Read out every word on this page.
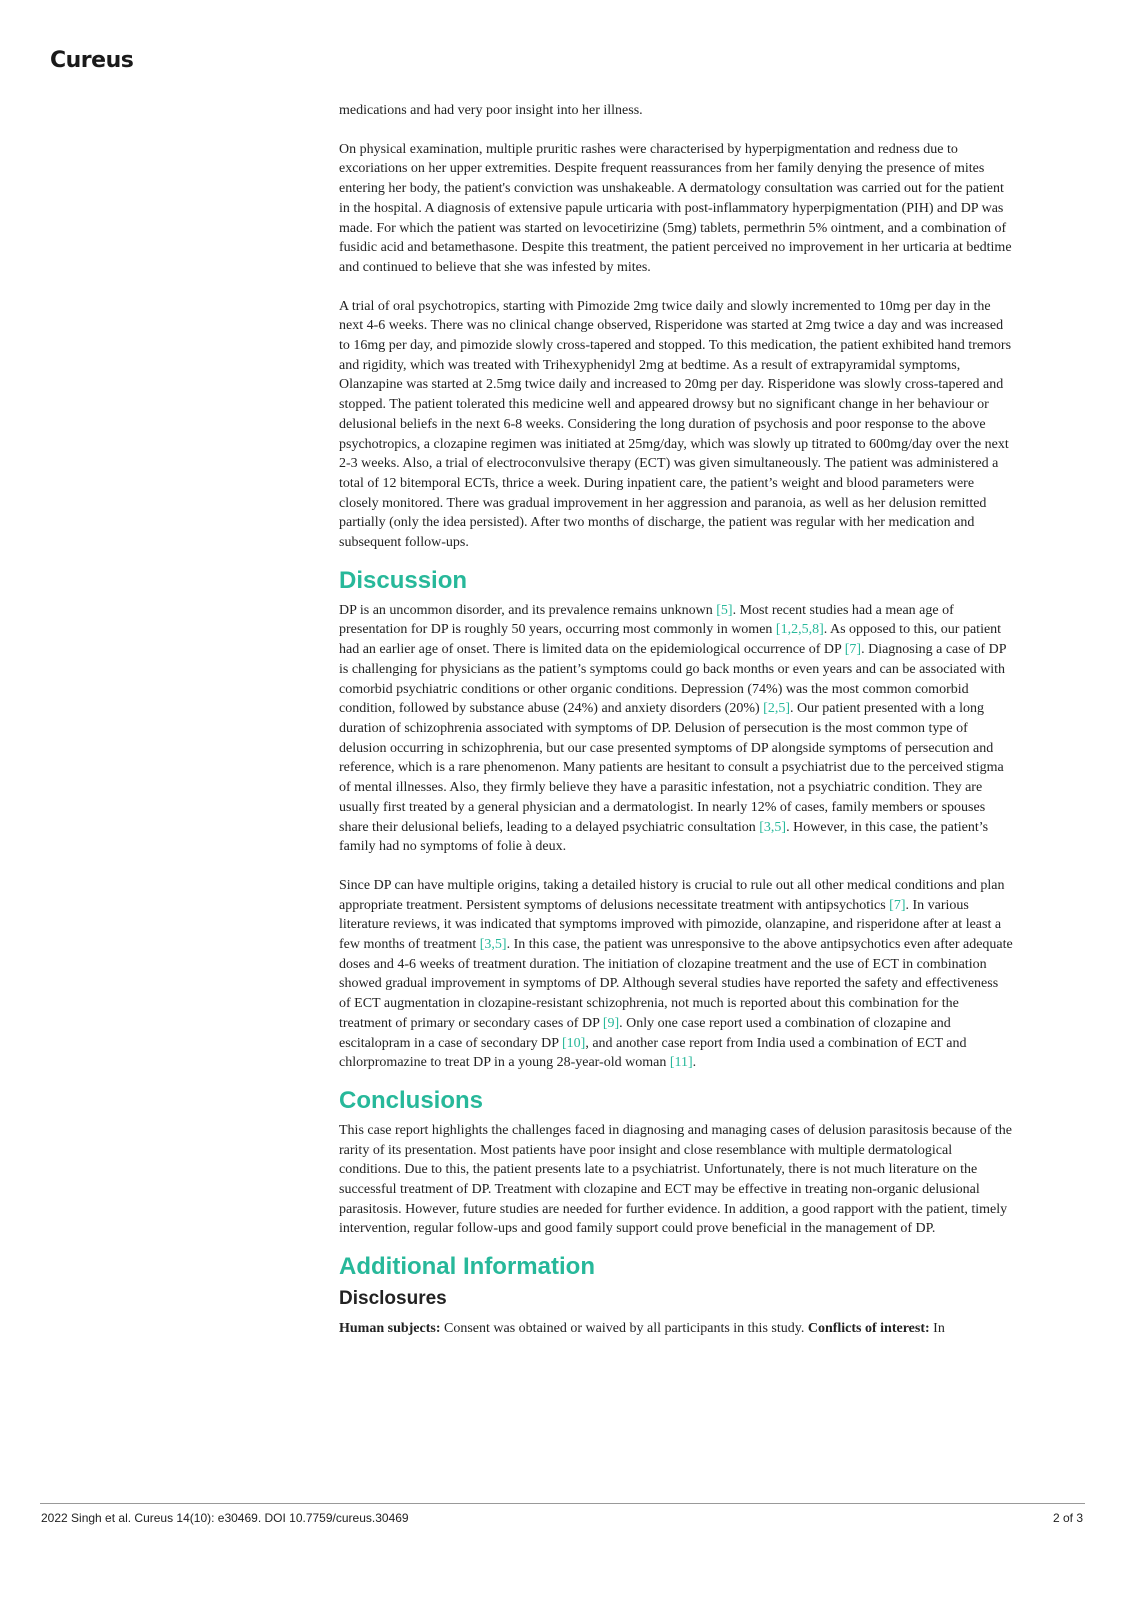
Cureus

medications and had very poor insight into her illness.

On physical examination, multiple pruritic rashes were characterised by hyperpigmentation and redness due to excoriations on her upper extremities. Despite frequent reassurances from her family denying the presence of mites entering her body, the patient's conviction was unshakeable. A dermatology consultation was carried out for the patient in the hospital. A diagnosis of extensive papule urticaria with post-inflammatory hyperpigmentation (PIH) and DP was made. For which the patient was started on levocetirizine (5mg) tablets, permethrin 5% ointment, and a combination of fusidic acid and betamethasone. Despite this treatment, the patient perceived no improvement in her urticaria at bedtime and continued to believe that she was infested by mites.

A trial of oral psychotropics, starting with Pimozide 2mg twice daily and slowly incremented to 10mg per day in the next 4-6 weeks. There was no clinical change observed, Risperidone was started at 2mg twice a day and was increased to 16mg per day, and pimozide slowly cross-tapered and stopped. To this medication, the patient exhibited hand tremors and rigidity, which was treated with Trihexyphenidyl 2mg at bedtime. As a result of extrapyramidal symptoms, Olanzapine was started at 2.5mg twice daily and increased to 20mg per day. Risperidone was slowly cross-tapered and stopped. The patient tolerated this medicine well and appeared drowsy but no significant change in her behaviour or delusional beliefs in the next 6-8 weeks. Considering the long duration of psychosis and poor response to the above psychotropics, a clozapine regimen was initiated at 25mg/day, which was slowly up titrated to 600mg/day over the next 2-3 weeks. Also, a trial of electroconvulsive therapy (ECT) was given simultaneously. The patient was administered a total of 12 bitemporal ECTs, thrice a week. During inpatient care, the patient’s weight and blood parameters were closely monitored. There was gradual improvement in her aggression and paranoia, as well as her delusion remitted partially (only the idea persisted). After two months of discharge, the patient was regular with her medication and subsequent follow-ups.

Discussion

DP is an uncommon disorder, and its prevalence remains unknown [5]. Most recent studies had a mean age of presentation for DP is roughly 50 years, occurring most commonly in women [1,2,5,8]. As opposed to this, our patient had an earlier age of onset. There is limited data on the epidemiological occurrence of DP [7]. Diagnosing a case of DP is challenging for physicians as the patient’s symptoms could go back months or even years and can be associated with comorbid psychiatric conditions or other organic conditions. Depression (74%) was the most common comorbid condition, followed by substance abuse (24%) and anxiety disorders (20%) [2,5]. Our patient presented with a long duration of schizophrenia associated with symptoms of DP. Delusion of persecution is the most common type of delusion occurring in schizophrenia, but our case presented symptoms of DP alongside symptoms of persecution and reference, which is a rare phenomenon. Many patients are hesitant to consult a psychiatrist due to the perceived stigma of mental illnesses. Also, they firmly believe they have a parasitic infestation, not a psychiatric condition. They are usually first treated by a general physician and a dermatologist. In nearly 12% of cases, family members or spouses share their delusional beliefs, leading to a delayed psychiatric consultation [3,5]. However, in this case, the patient’s family had no symptoms of folie à deux.

Since DP can have multiple origins, taking a detailed history is crucial to rule out all other medical conditions and plan appropriate treatment. Persistent symptoms of delusions necessitate treatment with antipsychotics [7]. In various literature reviews, it was indicated that symptoms improved with pimozide, olanzapine, and risperidone after at least a few months of treatment [3,5]. In this case, the patient was unresponsive to the above antipsychotics even after adequate doses and 4-6 weeks of treatment duration. The initiation of clozapine treatment and the use of ECT in combination showed gradual improvement in symptoms of DP. Although several studies have reported the safety and effectiveness of ECT augmentation in clozapine-resistant schizophrenia, not much is reported about this combination for the treatment of primary or secondary cases of DP [9]. Only one case report used a combination of clozapine and escitalopram in a case of secondary DP [10], and another case report from India used a combination of ECT and chlorpromazine to treat DP in a young 28-year-old woman [11].

Conclusions

This case report highlights the challenges faced in diagnosing and managing cases of delusion parasitosis because of the rarity of its presentation. Most patients have poor insight and close resemblance with multiple dermatological conditions. Due to this, the patient presents late to a psychiatrist. Unfortunately, there is not much literature on the successful treatment of DP. Treatment with clozapine and ECT may be effective in treating non-organic delusional parasitosis. However, future studies are needed for further evidence. In addition, a good rapport with the patient, timely intervention, regular follow-ups and good family support could prove beneficial in the management of DP.

Additional Information
Disclosures

Human subjects: Consent was obtained or waived by all participants in this study. Conflicts of interest: In

2022 Singh et al. Cureus 14(10): e30469. DOI 10.7759/cureus.30469	2 of 3
